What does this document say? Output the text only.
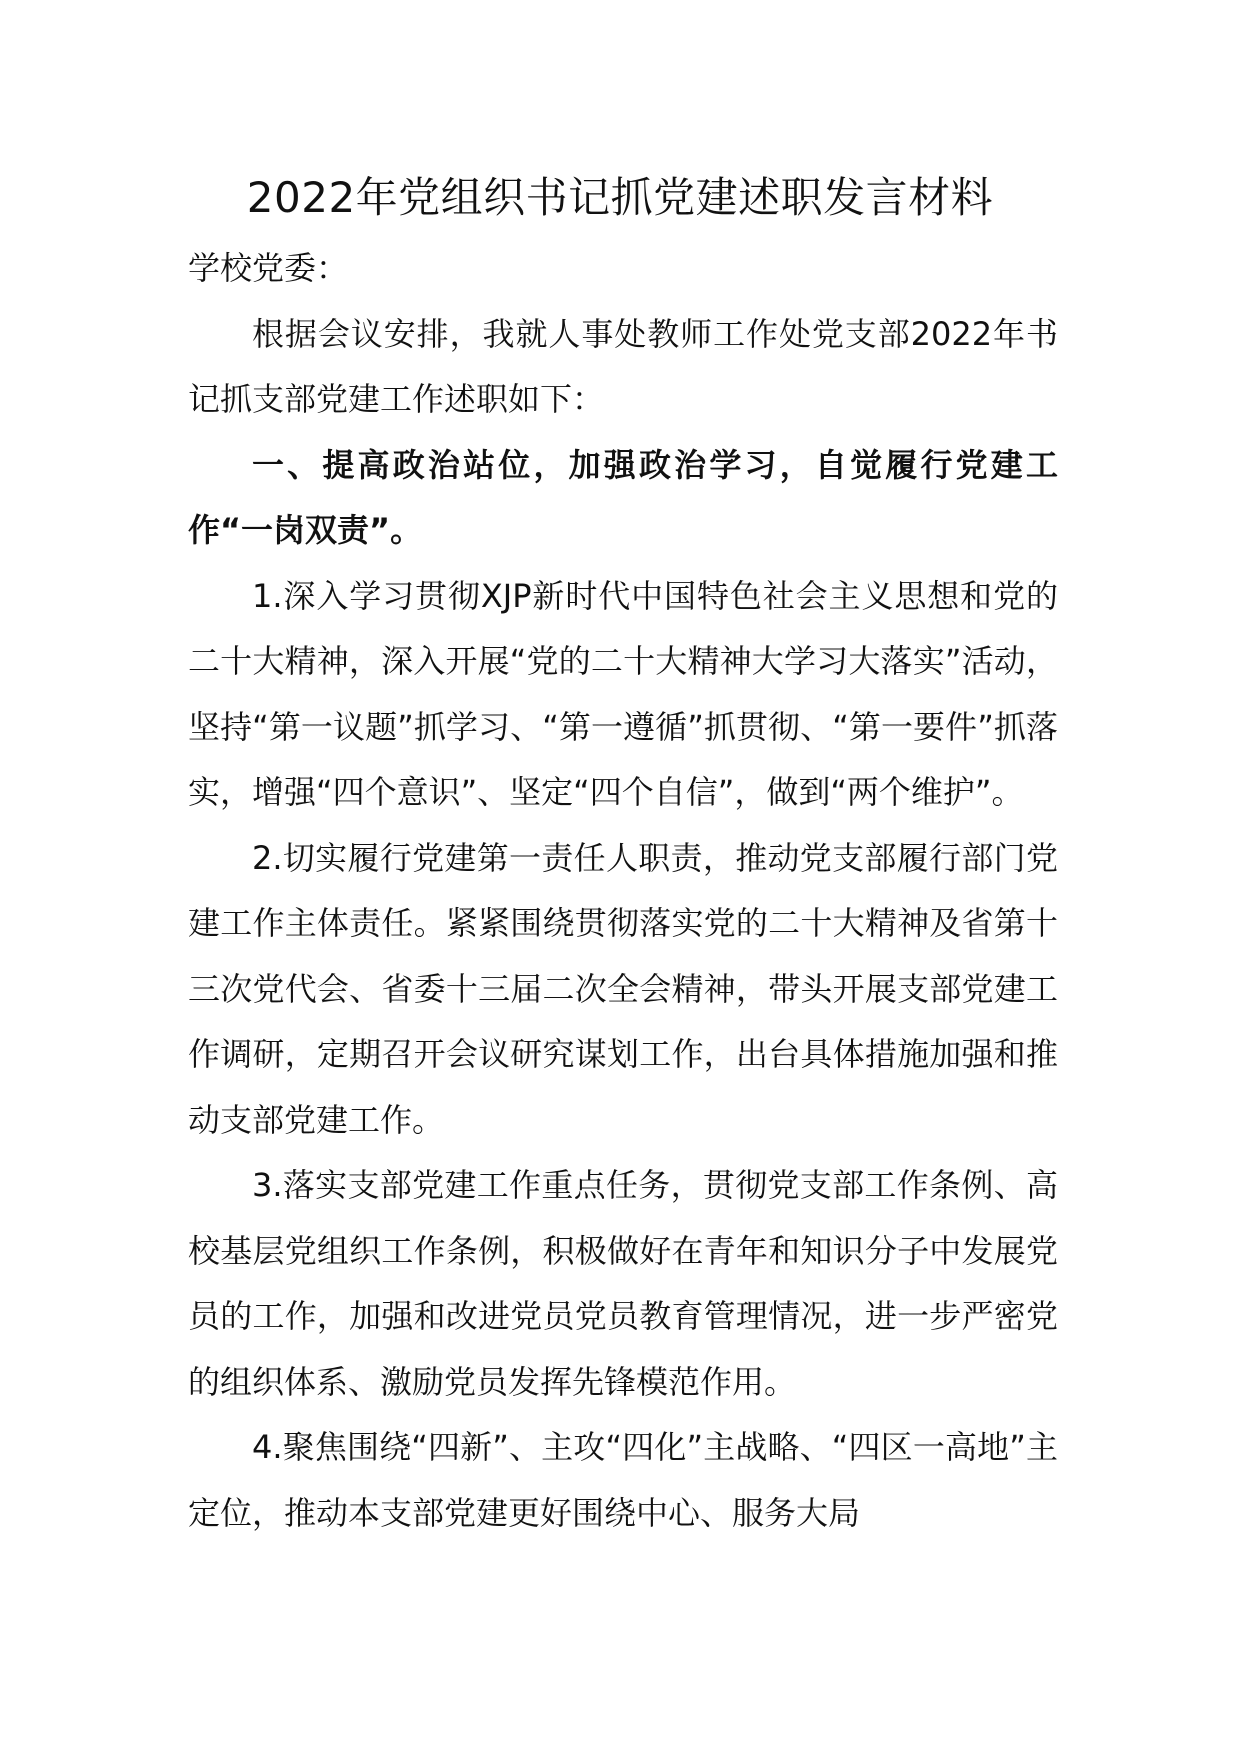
2022年党组织书记抓党建述职发言材料

学校党委：

根据会议安排，我就人事处教师工作处党支部2022年书记抓支部党建工作述职如下：

一、提高政治站位，加强政治学习，自觉履行党建工作“一岗双责”。

1.深入学习贯彻XJP新时代中国特色社会主义思想和党的二十大精神，深入开展“党的二十大精神大学习大落实”活动，坚持“第一议题”抓学习、“第一遵循”抓贯彻、“第一要件”抓落实，增强“四个意识”、坚定“四个自信”，做到“两个维护”。

2.切实履行党建第一责任人职责，推动党支部履行部门党建工作主体责任。紧紧围绕贯彻落实党的二十大精神及省第十三次党代会、省委十三届二次全会精神，带头开展支部党建工作调研，定期召开会议研究谋划工作，出台具体措施加强和推动支部党建工作。

3.落实支部党建工作重点任务，贯彻党支部工作条例、高校基层党组织工作条例，积极做好在青年和知识分子中发展党员的工作，加强和改进党员党员教育管理情况，进一步严密党的组织体系、激励党员发挥先锋模范作用。

4.聚焦围绕“四新”、主攻“四化”主战略、“四区一高地”主定位，推动本支部党建更好围绕中心、服务大局
